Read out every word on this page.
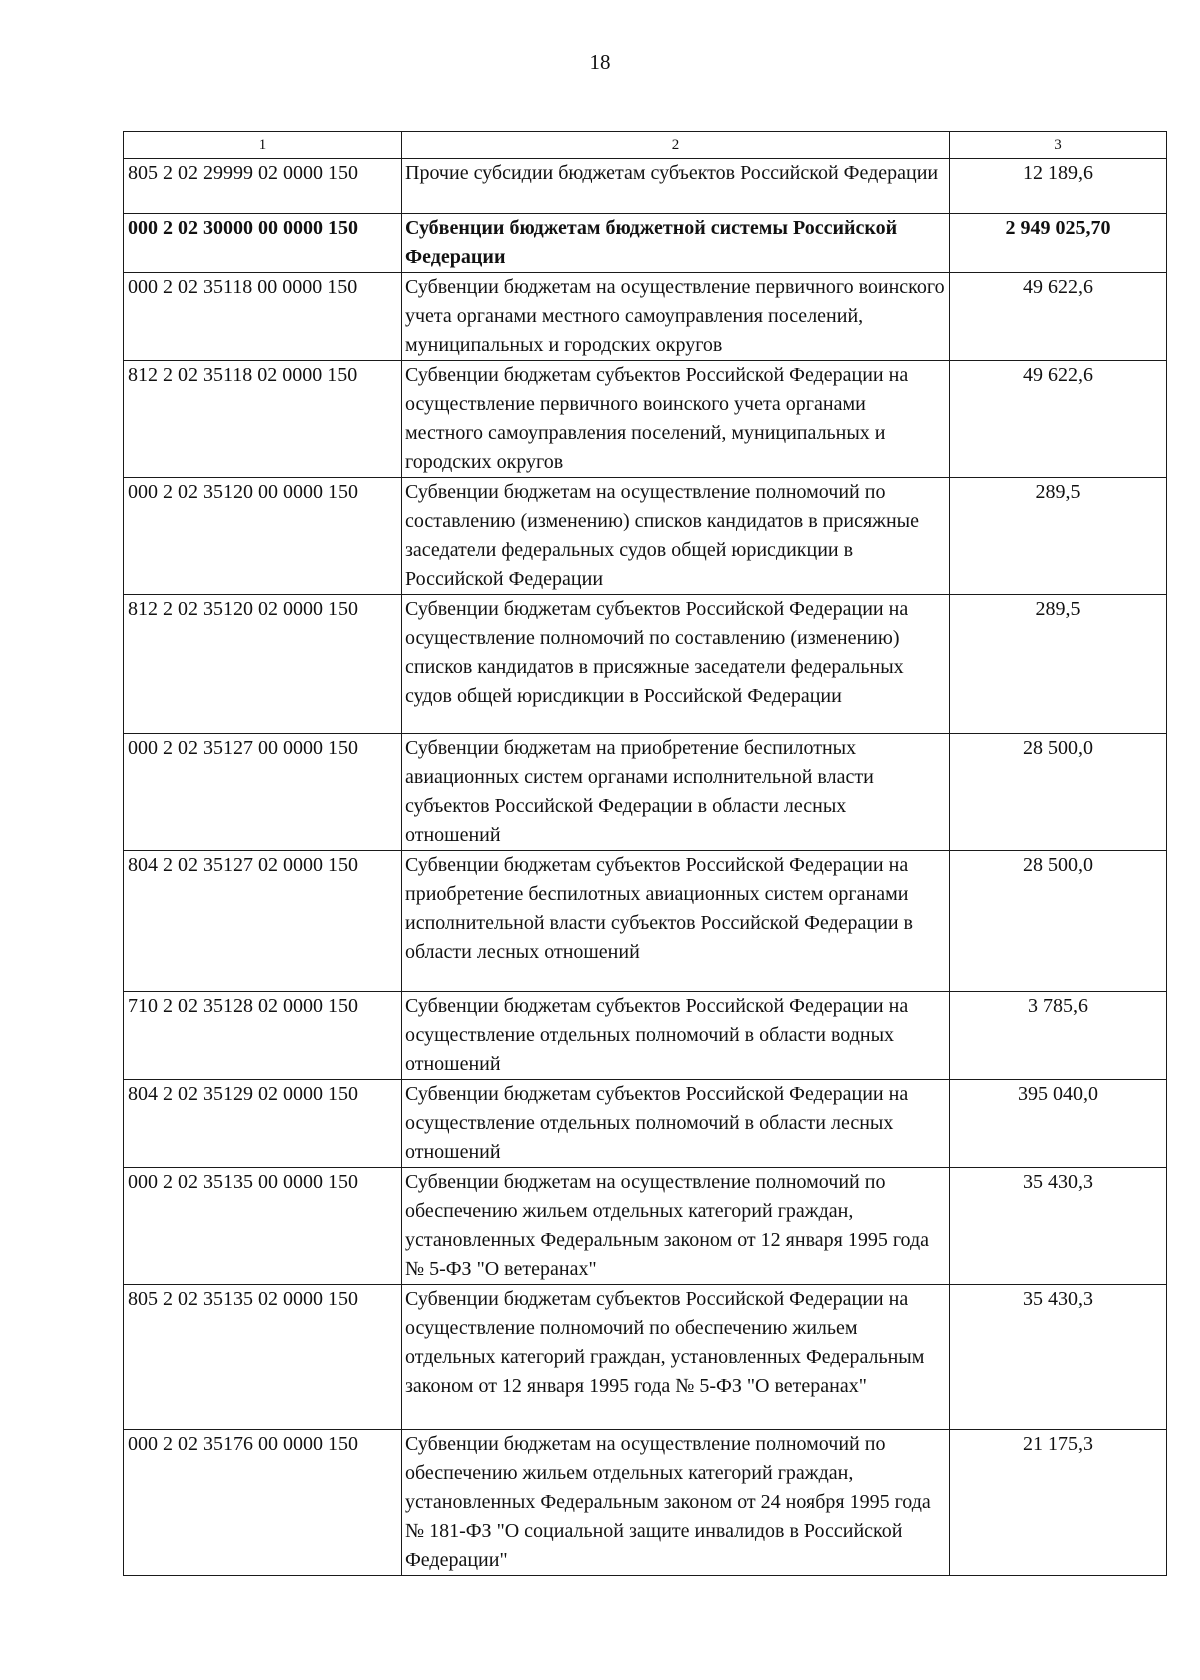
18
1	2	3
805 2 02 29999 02 0000 150	Прочие субсидии бюджетам субъектов Российской Федерации	12 189,6
000 2 02 30000 00 0000 150	Субвенции бюджетам бюджетной системы Российской Федерации	2 949 025,70
000 2 02 35118 00 0000 150	Субвенции бюджетам на осуществление первичного воинского учета органами местного самоуправления поселений, муниципальных и городских округов	49 622,6
812 2 02 35118 02 0000 150	Субвенции бюджетам субъектов Российской Федерации на осуществление первичного воинского учета органами местного самоуправления поселений, муниципальных и городских округов	49 622,6
000 2 02 35120 00 0000 150	Субвенции бюджетам на осуществление полномочий по составлению (изменению) списков кандидатов в присяжные заседатели федеральных судов общей юрисдикции в Российской Федерации	289,5
812 2 02 35120 02 0000 150	Субвенции бюджетам субъектов Российской Федерации на осуществление полномочий по составлению (изменению) списков кандидатов в присяжные заседатели федеральных судов общей юрисдикции в Российской Федерации	289,5
000 2 02 35127 00 0000 150	Субвенции бюджетам на приобретение беспилотных авиационных систем органами исполнительной власти субъектов Российской Федерации в области лесных отношений	28 500,0
804 2 02 35127 02 0000 150	Субвенции бюджетам субъектов Российской Федерации на приобретение беспилотных авиационных систем органами исполнительной власти субъектов Российской Федерации в области лесных отношений	28 500,0
710 2 02 35128 02 0000 150	Субвенции бюджетам субъектов Российской Федерации на осуществление отдельных полномочий в области водных отношений	3 785,6
804 2 02 35129 02 0000 150	Субвенции бюджетам субъектов Российской Федерации на осуществление отдельных полномочий в области лесных отношений	395 040,0
000 2 02 35135 00 0000 150	Субвенции бюджетам на осуществление полномочий по обеспечению жильем отдельных категорий граждан, установленных Федеральным законом от 12 января 1995 года № 5-ФЗ "О ветеранах"	35 430,3
805 2 02 35135 02 0000 150	Субвенции бюджетам субъектов Российской Федерации на осуществление полномочий по обеспечению жильем отдельных категорий граждан, установленных Федеральным законом от 12 января 1995 года № 5-ФЗ "О ветеранах"	35 430,3
000 2 02 35176 00 0000 150	Субвенции бюджетам на осуществление полномочий по обеспечению жильем отдельных категорий граждан, установленных Федеральным законом от 24 ноября 1995 года № 181-ФЗ "О социальной защите инвалидов в Российской Федерации"	21 175,3
